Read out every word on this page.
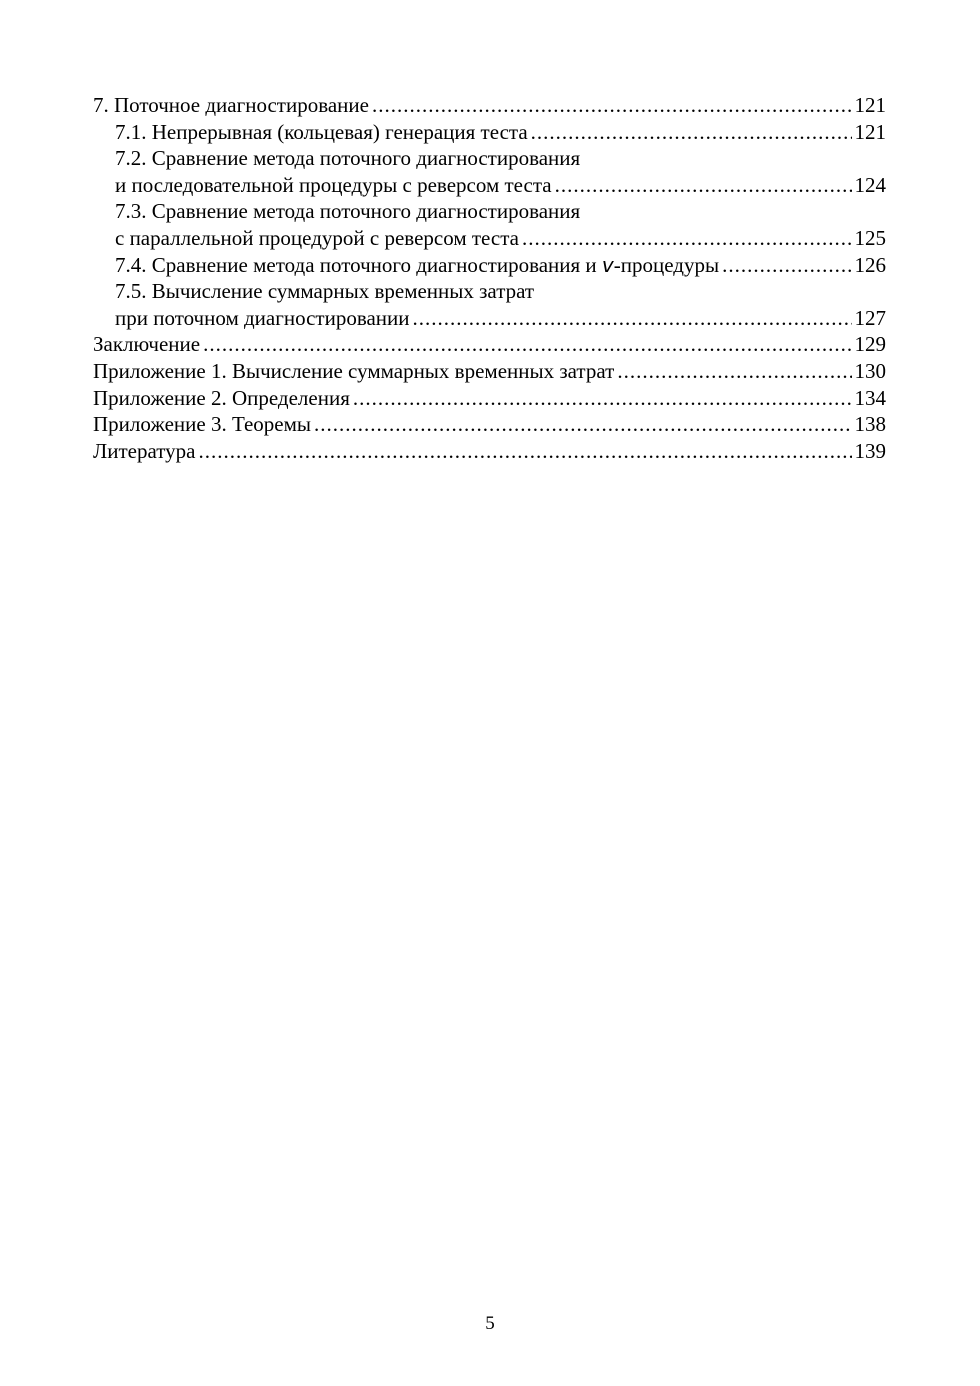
7. Поточное диагностирование .....	121
7.1. Непрерывная (кольцевая) генерация теста .....	121
7.2. Сравнение метода поточного диагностирования
и последовательной процедуры с реверсом теста .....	124
7.3. Сравнение метода поточного диагностирования
с параллельной процедурой с реверсом теста .....	125
7.4. Сравнение метода поточного диагностирования и v-процедуры .....	126
7.5. Вычисление суммарных временных затрат
при поточном диагностировании .....	127
Заключение .....	129
Приложение 1. Вычисление суммарных временных затрат .....	130
Приложение 2. Определения .....	134
Приложение 3. Теоремы .....	138
Литература .....	139
5
